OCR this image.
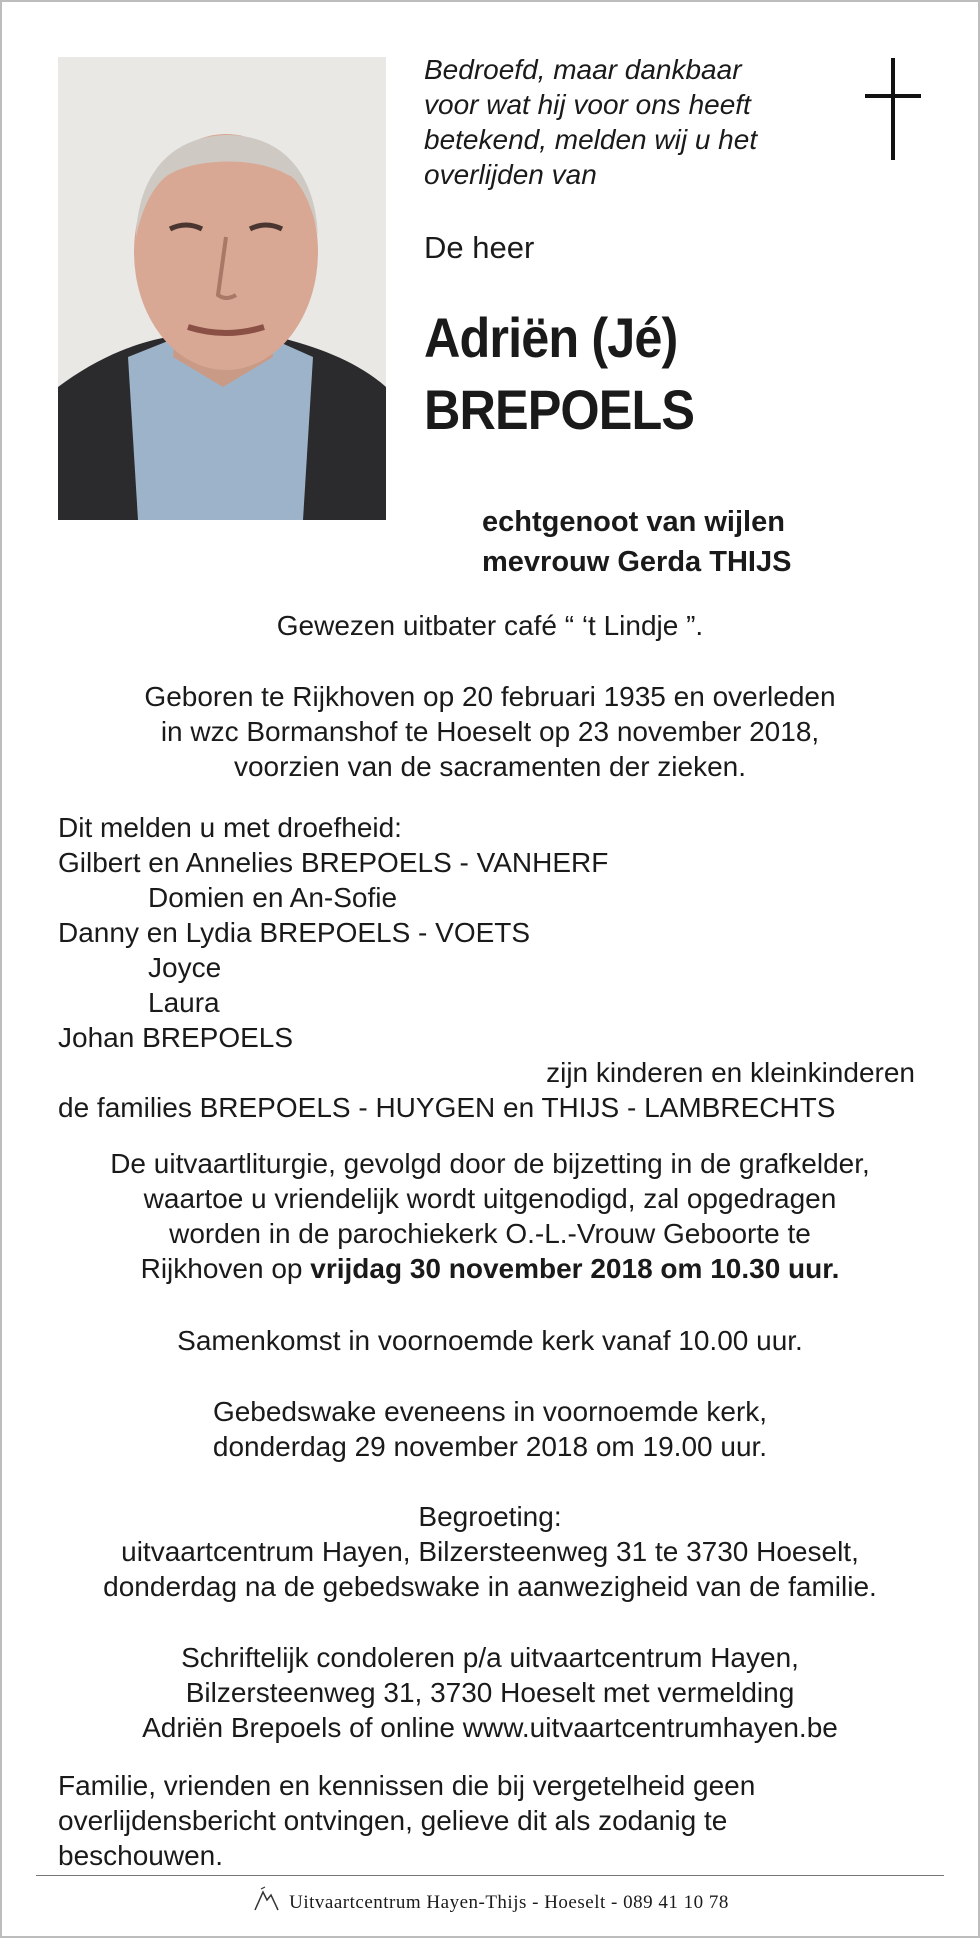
Bedroefd, maar dankbaar
voor wat hij voor ons heeft
betekend, melden wij u het
overlijden van
De heer
Adriën (Jé)
BREPOELS
echtgenoot van wijlen
mevrouw Gerda THIJS
Gewezen uitbater café “ ‘t Lindje ”.
Geboren te Rijkhoven op 20 februari 1935 en overleden
in wzc Bormanshof te Hoeselt op 23 november 2018,
voorzien van de sacramenten der zieken.
Dit melden u met droefheid:
Gilbert en Annelies BREPOELS - VANHERF
Domien en An-Sofie
Danny en Lydia BREPOELS - VOETS
Joyce
Laura
Johan BREPOELS
zijn kinderen en kleinkinderen
de families BREPOELS - HUYGEN en THIJS - LAMBRECHTS
De uitvaartliturgie, gevolgd door de bijzetting in de grafkelder,
waartoe u vriendelijk wordt uitgenodigd, zal opgedragen
worden in de parochiekerk O.-L.-Vrouw Geboorte te
Rijkhoven op vrijdag 30 november 2018 om 10.30 uur.
Samenkomst in voornoemde kerk vanaf 10.00 uur.
Gebedswake eveneens in voornoemde kerk,
donderdag 29 november 2018 om 19.00 uur.
Begroeting:
uitvaartcentrum Hayen, Bilzersteenweg 31 te 3730 Hoeselt,
donderdag na de gebedswake in aanwezigheid van de familie.
Schriftelijk condoleren p/a uitvaartcentrum Hayen,
Bilzersteenweg 31, 3730 Hoeselt met vermelding
Adriën Brepoels of online www.uitvaartcentrumhayen.be
Familie, vrienden en kennissen die bij vergetelheid geen
overlijdensbericht ontvingen, gelieve dit als zodanig te
beschouwen.
Uitvaartcentrum Hayen-Thijs - Hoeselt - 089 41 10 78
